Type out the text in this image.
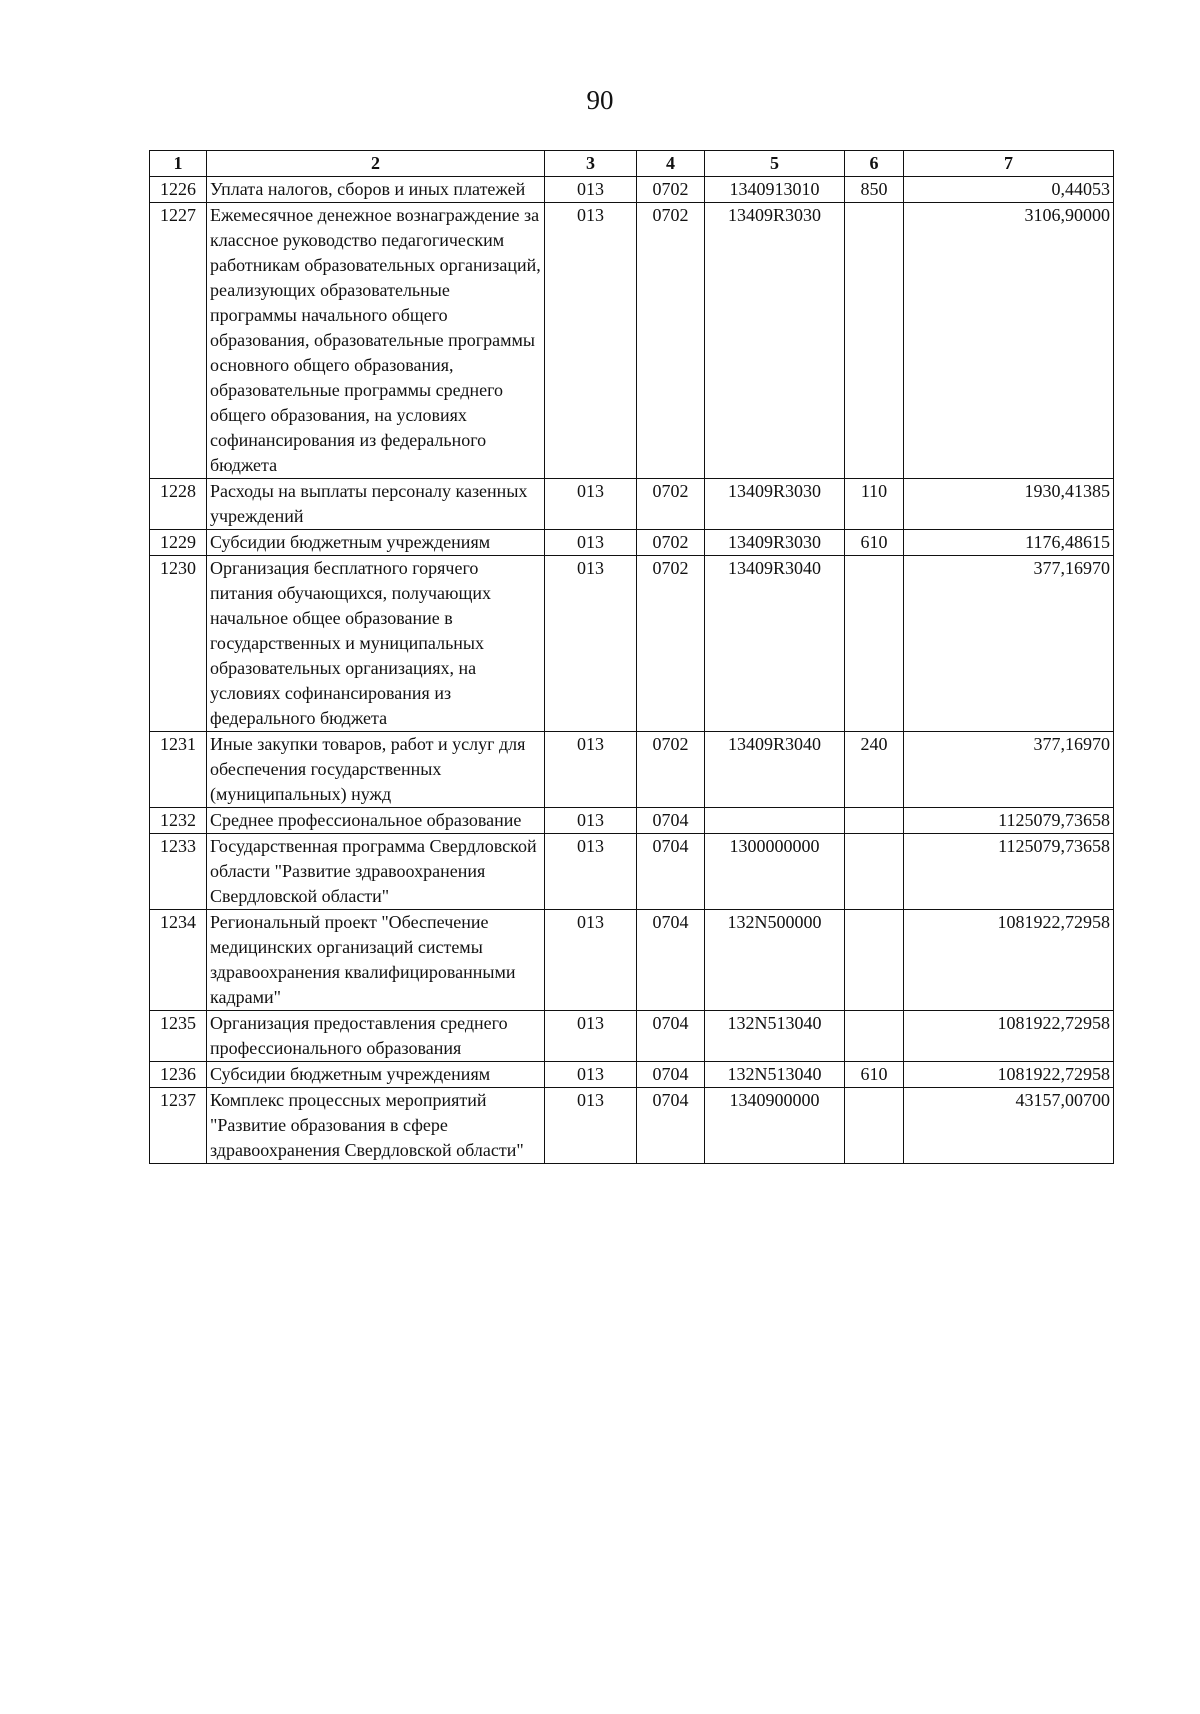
90
1	2	3	4	5	6	7
1226	Уплата налогов, сборов и иных платежей	013	0702	1340913010	850	0,44053
1227	Ежемесячное денежное вознаграждение за классное руководство педагогическим работникам образовательных организаций, реализующих образовательные программы начального общего образования, образовательные программы основного общего образования, образовательные программы среднего общего образования, на условиях софинансирования из федерального бюджета	013	0702	13409R3030		3106,90000
1228	Расходы на выплаты персоналу казенных учреждений	013	0702	13409R3030	110	1930,41385
1229	Субсидии бюджетным учреждениям	013	0702	13409R3030	610	1176,48615
1230	Организация бесплатного горячего питания обучающихся, получающих начальное общее образование в государственных и муниципальных образовательных организациях, на условиях софинансирования из федерального бюджета	013	0702	13409R3040		377,16970
1231	Иные закупки товаров, работ и услуг для обеспечения государственных (муниципальных) нужд	013	0702	13409R3040	240	377,16970
1232	Среднее профессиональное образование	013	0704			1125079,73658
1233	Государственная программа Свердловской области "Развитие здравоохранения Свердловской области"	013	0704	1300000000		1125079,73658
1234	Региональный проект "Обеспечение медицинских организаций системы здравоохранения квалифицированными кадрами"	013	0704	132N500000		1081922,72958
1235	Организация предоставления среднего профессионального образования	013	0704	132N513040		1081922,72958
1236	Субсидии бюджетным учреждениям	013	0704	132N513040	610	1081922,72958
1237	Комплекс процессных мероприятий "Развитие образования в сфере здравоохранения Свердловской области"	013	0704	1340900000		43157,00700
